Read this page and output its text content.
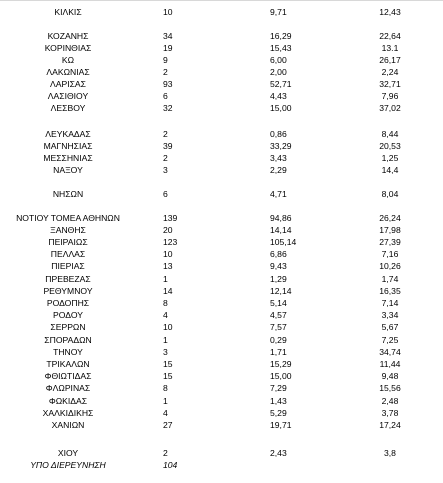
ΚΙΛΚΙΣ	10	9,71	12,43
ΚΟΖΑΝΗΣ	34	16,29	22,64
ΚΟΡΙΝΘΙΑΣ	19	15,43	13.1
ΚΩ	9	6,00	26,17
ΛΑΚΩΝΙΑΣ	2	2,00	2,24
ΛΑΡΙΣΑΣ	93	52,71	32,71
ΛΑΣΙΘΙΟΥ	6	4,43	7,96
ΛΕΣΒΟΥ	32	15,00	37,02
ΛΕΥΚΑΔΑΣ	2	0,86	8,44
ΜΑΓΝΗΣΙΑΣ	39	33,29	20,53
ΜΕΣΣΗΝΙΑΣ	2	3,43	1,25
ΝΑΞΟΥ	3	2,29	14,4
ΝΗΣΩΝ	6	4,71	8,04
ΝΟΤΙΟΥ ΤΟΜΕΑ ΑΘΗΝΩΝ	139	94,86	26,24
ΞΑΝΘΗΣ	20	14,14	17,98
ΠΕΙΡΑΙΩΣ	123	105,14	27,39
ΠΕΛΛΑΣ	10	6,86	7,16
ΠΙΕΡΙΑΣ	13	9,43	10,26
ΠΡΕΒΕΖΑΣ	1	1,29	1,74
ΡΕΘΥΜΝΟΥ	14	12,14	16,35
ΡΟΔΟΠΗΣ	8	5,14	7,14
ΡΟΔΟΥ	4	4,57	3,34
ΣΕΡΡΩΝ	10	7,57	5,67
ΣΠΟΡΑΔΩΝ	1	0,29	7,25
ΤΗΝΟΥ	3	1,71	34,74
ΤΡΙΚΑΛΩΝ	15	15,29	11,44
ΦΘΙΩΤΙΔΑΣ	15	15,00	9,48
ΦΛΩΡΙΝΑΣ	8	7,29	15,56
ΦΩΚΙΔΑΣ	1	1,43	2,48
ΧΑΛΚΙΔΙΚΗΣ	4	5,29	3,78
ΧΑΝΙΩΝ	27	19,71	17,24
ΧΙΟΥ	2	2,43	3,8
ΥΠΟ ΔΙΕΡΕΥΝΗΣΗ	104
